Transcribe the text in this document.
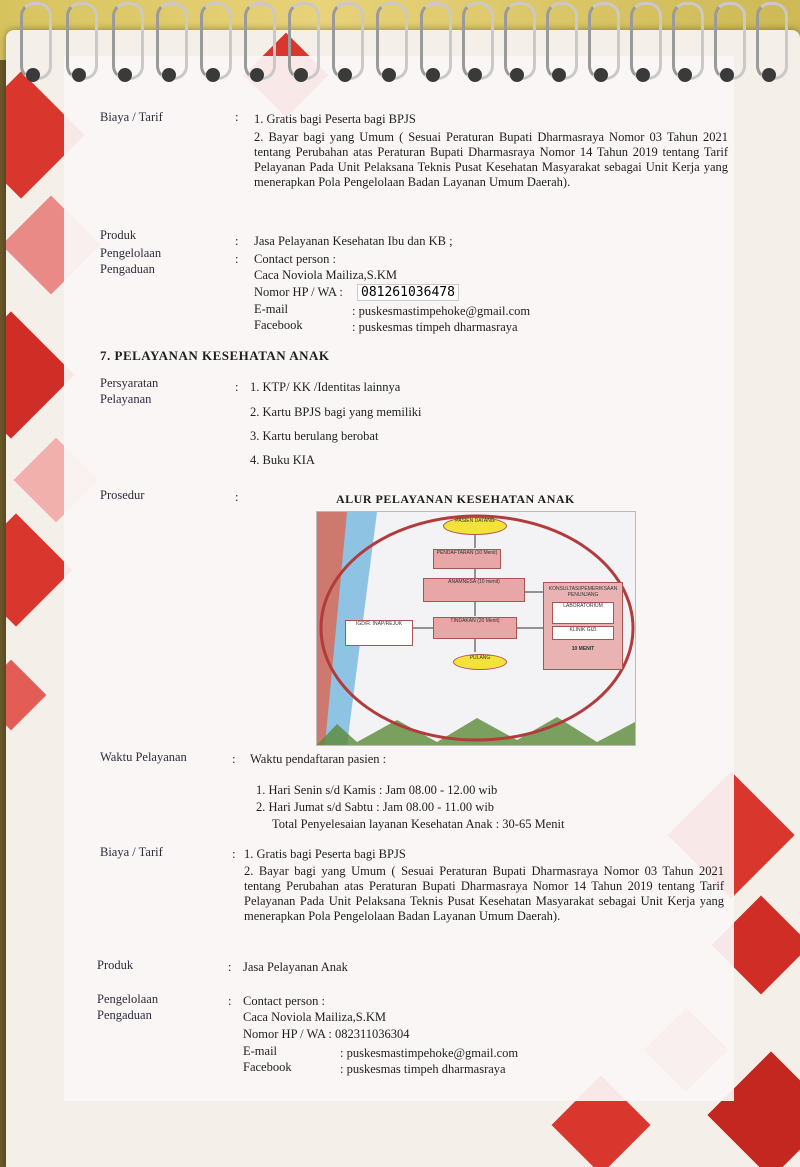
Biaya / Tarif	: 1. Gratis bagi Peserta bagi BPJS
2. Bayar bagi yang Umum ( Sesuai Peraturan Bupati Dharmasraya Nomor 03 Tahun 2021 tentang Perubahan atas Peraturan Bupati Dharmasraya Nomor 14 Tahun 2019 tentang Tarif Pelayanan Pada Unit Pelaksana Teknis Pusat Kesehatan Masyarakat sebagai Unit Kerja yang menerapkan Pola Pengelolaan Badan Layanan Umum Daerah).
Produk	: Jasa Pelayanan Kesehatan Ibu dan KB ;
Pengelolaan
Pengaduan
: Contact person :
Caca Noviola Mailiza,S.KM
Nomor HP / WA :	081261036478
E-mail	: puskesmastimpehoke@gmail.com
Facebook	: puskesmas timpeh dharmasraya
7. PELAYANAN KESEHATAN ANAK
Persyaratan
Pelayanan
: 1. KTP/ KK /Identitas lainnya
2. Kartu BPJS bagi yang memiliki
3. Kartu berulang berobat
4. Buku KIA
Prosedur	:	ALUR PELAYANAN KESEHATAN ANAK
PASIEN DATANG
PENDAFTARAN (10 Menit)
ANAMNESA (10 menit)
TINDAKAN (20 Menit)
PULANG
IGD/R. INAP/REJUK
KONSULTASI/PEMERIKSAAN PENUNJANG
LABORATORIUM
KLINIK GIZI
10 MENIT
Waktu Pelayanan	: Waktu pendaftaran pasien :
1. Hari Senin s/d Kamis : Jam 08.00 - 12.00 wib
2. Hari Jumat s/d Sabtu : Jam 08.00 - 11.00 wib
Total Penyelesaian layanan Kesehatan Anak : 30-65 Menit
Biaya / Tarif	: 1. Gratis bagi Peserta bagi BPJS
2. Bayar bagi yang Umum ( Sesuai Peraturan Bupati Dharmasraya Nomor 03 Tahun 2021 tentang Perubahan atas Peraturan Bupati Dharmasraya Nomor 14 Tahun 2019 tentang Tarif Pelayanan Pada Unit Pelaksana Teknis Pusat Kesehatan Masyarakat sebagai Unit Kerja yang menerapkan Pola Pengelolaan Badan Layanan Umum Daerah).
Produk	: Jasa Pelayanan Anak
Pengelolaan
Pengaduan
: Contact person :
Caca Noviola Mailiza,S.KM
Nomor HP / WA : 082311036304
E-mail	: puskesmastimpehoke@gmail.com
Facebook	: puskesmas timpeh dharmasraya
